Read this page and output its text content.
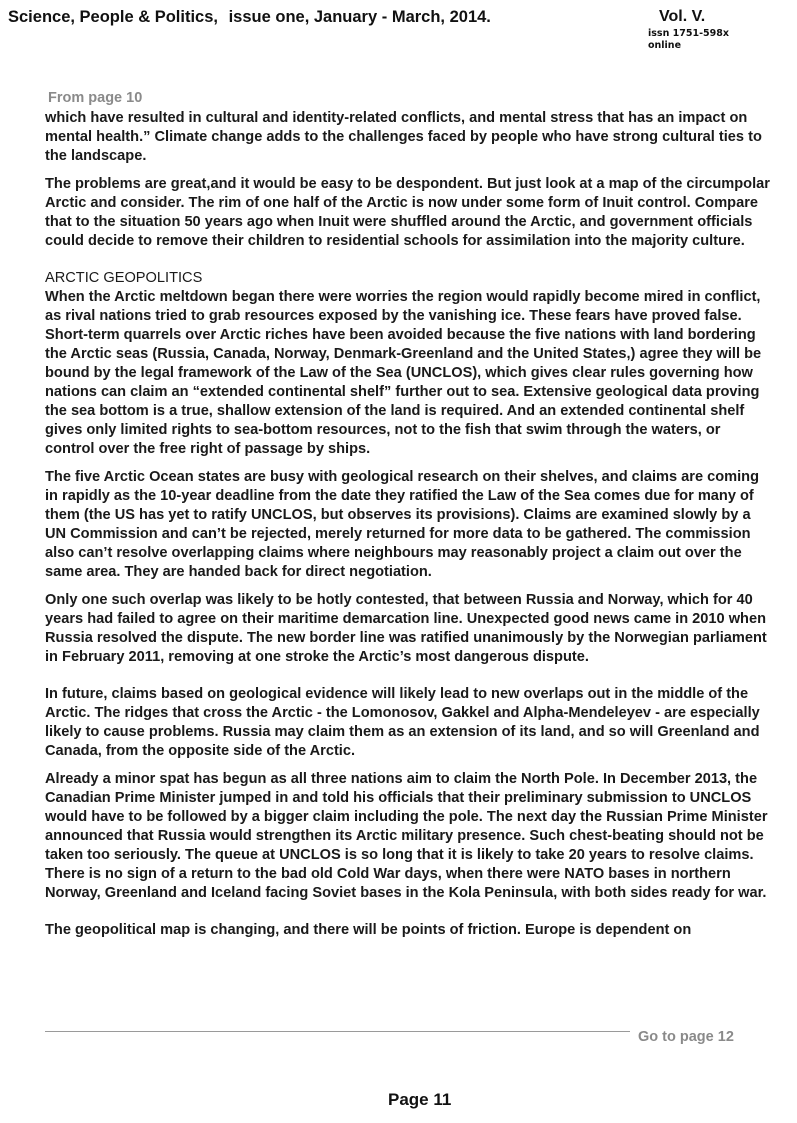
Science, People & Politics, issue one, January - March, 2014.	Vol. V.
issn 1751-598x
online
From page 10

which have resulted in cultural and identity-related conflicts, and mental stress that has an impact on mental health.” Climate change adds to the challenges faced by people who have strong cultural ties to the landscape.

The problems are great,and it would be easy to be despondent. But just look at a map of the circumpolar Arctic and consider. The rim of one half of the Arctic is now under some form of Inuit control. Compare that to the situation 50 years ago when Inuit were shuffled around the Arctic, and government officials could decide to remove their children to residential schools for assimilation into the majority culture.

ARCTIC GEOPOLITICS

When the Arctic meltdown began there were worries the region would rapidly become mired in conflict, as rival nations tried to grab resources exposed by the vanishing ice. These fears have proved false. Short-term quarrels over Arctic riches have been avoided because the five nations with land bordering the Arctic seas (Russia, Canada, Norway, Denmark-Greenland and the United States,) agree they will be bound by the legal framework of the Law of the Sea (UNCLOS), which gives clear rules governing how nations can claim an “extended continental shelf” further out to sea. Extensive geological data proving the sea bottom is a true, shallow extension of the land is required. And an extended continental shelf gives only limited rights to sea-bottom resources, not to the fish that swim through the waters, or control over the free right of passage by ships.

The five Arctic Ocean states are busy with geological research on their shelves, and claims are coming in rapidly as the 10-year deadline from the date they ratified the Law of the Sea comes due for many of them (the US has yet to ratify UNCLOS, but observes its provisions). Claims are examined slowly by a UN Commission and can’t be rejected, merely returned for more data to be gathered. The commission also can’t resolve overlapping claims where neighbours may reasonably project a claim out over the same area. They are handed back for direct negotiation.

Only one such overlap was likely to be hotly contested, that between Russia and Norway, which for 40 years had failed to agree on their maritime demarcation line. Unexpected good news came in 2010 when Russia resolved the dispute. The new border line was ratified unanimously by the Norwegian parliament in February 2011, removing at one stroke the Arctic’s most dangerous dispute.

In future, claims based on geological evidence will likely lead to new overlaps out in the middle of the Arctic. The ridges that cross the Arctic - the Lomonosov, Gakkel and Alpha-Mendeleyev - are especially likely to cause problems. Russia may claim them as an extension of its land, and so will Greenland and Canada, from the opposite side of the Arctic.

Already a minor spat has begun as all three nations aim to claim the North Pole. In December 2013, the Canadian Prime Minister jumped in and told his officials that their preliminary submission to UNCLOS would have to be followed by a bigger claim including the pole. The next day the Russian Prime Minister announced that Russia would strengthen its Arctic military presence. Such chest-beating should not be taken too seriously. The queue at UNCLOS is so long that it is likely to take 20 years to resolve claims. There is no sign of a return to the bad old Cold War days, when there were NATO bases in northern Norway, Greenland and Iceland facing Soviet bases in the Kola Peninsula, with both sides ready for war.

The geopolitical map is changing, and there will be points of friction. Europe is dependent on

Go to page 12
Page 11
